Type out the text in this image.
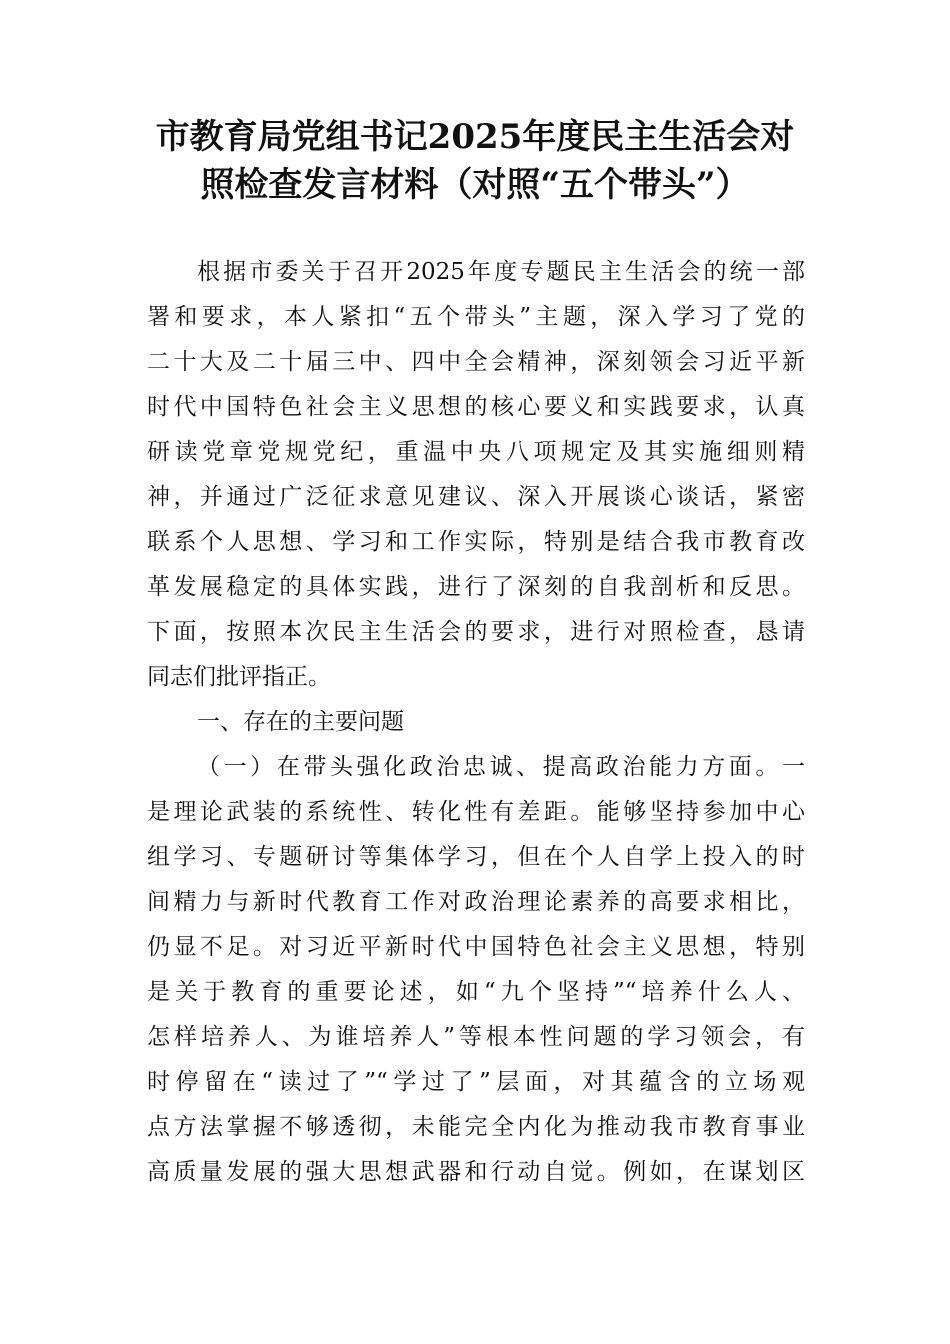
市教育局党组书记2025年度民主生活会对
照检查发言材料（对照“五个带头”）
根据市委关于召开2025年度专题民主生活会的统一部
署和要求，本人紧扣“五个带头”主题，深入学习了党的
二十大及二十届三中、四中全会精神，深刻领会习近平新
时代中国特色社会主义思想的核心要义和实践要求，认真
研读党章党规党纪，重温中央八项规定及其实施细则精
神，并通过广泛征求意见建议、深入开展谈心谈话，紧密
联系个人思想、学习和工作实际，特别是结合我市教育改
革发展稳定的具体实践，进行了深刻的自我剖析和反思。
下面，按照本次民主生活会的要求，进行对照检查，恳请
同志们批评指正。
一、存在的主要问题
（一）在带头强化政治忠诚、提高政治能力方面。一
是理论武装的系统性、转化性有差距。能够坚持参加中心
组学习、专题研讨等集体学习，但在个人自学上投入的时
间精力与新时代教育工作对政治理论素养的高要求相比，
仍显不足。对习近平新时代中国特色社会主义思想，特别
是关于教育的重要论述，如“九个坚持”“培养什么人、
怎样培养人、为谁培养人”等根本性问题的学习领会，有
时停留在“读过了”“学过了”层面，对其蕴含的立场观
点方法掌握不够透彻，未能完全内化为推动我市教育事业
高质量发展的强大思想武器和行动自觉。例如，在谋划区
